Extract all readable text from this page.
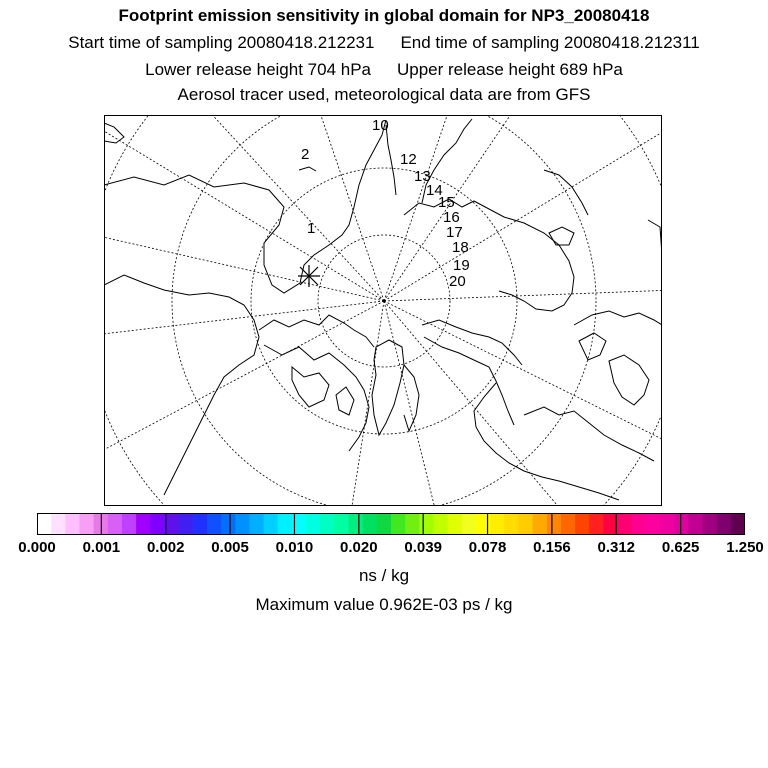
Footprint emission sensitivity in global domain for NP3_20080418
Start time of sampling 20080418.212231 End time of sampling 20080418.212311
Lower release height 704 hPa Upper release height 689 hPa
Aerosol tracer used, meteorological data are from GFS
1
2
10
12
13
14
15
16
17
18
19
20
0.000 0.001 0.002 0.005 0.010 0.020 0.039 0.078 0.156 0.312 0.625 1.250
ns / kg
Maximum value 0.962E-03 ps / kg
